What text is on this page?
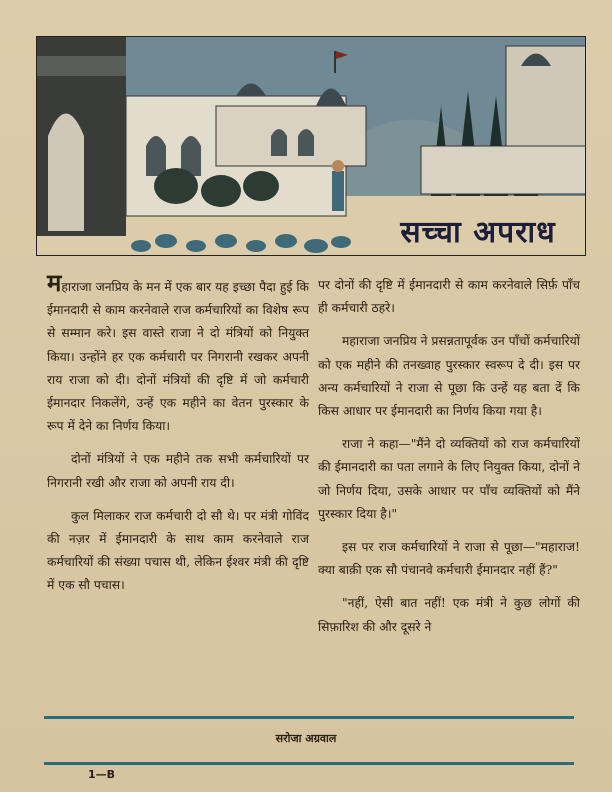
सच्चा अपराध

महाराजा जनप्रिय के मन में एक बार यह इच्छा पैदा हुई कि ईमानदारी से काम करनेवाले राज कर्मचारियों का विशेष रूप से सम्मान करे। इस वास्ते राजा ने दो मंत्रियों को नियुक्त किया। उन्होंने हर एक कर्मचारी पर निगरानी रखकर अपनी राय राजा को दी। दोनों मंत्रियों की दृष्टि में जो कर्मचारी ईमानदार निकलेंगे, उन्हें एक महीने का वेतन पुरस्कार के रूप में देने का निर्णय किया।

दोनों मंत्रियों ने एक महीने तक सभी कर्मचारियों पर निगरानी रखी और राजा को अपनी राय दी।

कुल मिलाकर राज कर्मचारी दो सौ थे। पर मंत्री गोविंद की नज़र में ईमानदारी के साथ काम करनेवाले राज कर्मचारियों की संख्या पचास थी, लेकिन ईश्वर मंत्री की दृष्टि में एक सौ पचास।

पर दोनों की दृष्टि में ईमानदारी से काम करनेवाले सिर्फ़ पाँच ही कर्मचारी ठहरे।

महाराजा जनप्रिय ने प्रसन्नतापूर्वक उन पाँचों कर्मचारियों को एक महीने की तनख्वाह पुरस्कार स्वरूप दे दी। इस पर अन्य कर्मचारियों ने राजा से पूछा कि उन्हें यह बता दें कि किस आधार पर ईमानदारी का निर्णय किया गया है।

राजा ने कहा—"मैंने दो व्यक्तियों को राज कर्मचारियों की ईमानदारी का पता लगाने के लिए नियुक्त किया, दोनों ने जो निर्णय दिया, उसके आधार पर पाँच व्यक्तियों को मैंने पुरस्कार दिया है।"

इस पर राज कर्मचारियों ने राजा से पूछा—"महाराज! क्या बाक़ी एक सौ पंचानवे कर्मचारी ईमानदार नहीं हैं?"

"नहीं, ऐसी बात नहीं! एक मंत्री ने कुछ लोगों की सिफ़ारिश की और दूसरे ने

सरोजा अग्रवाल
1—B
